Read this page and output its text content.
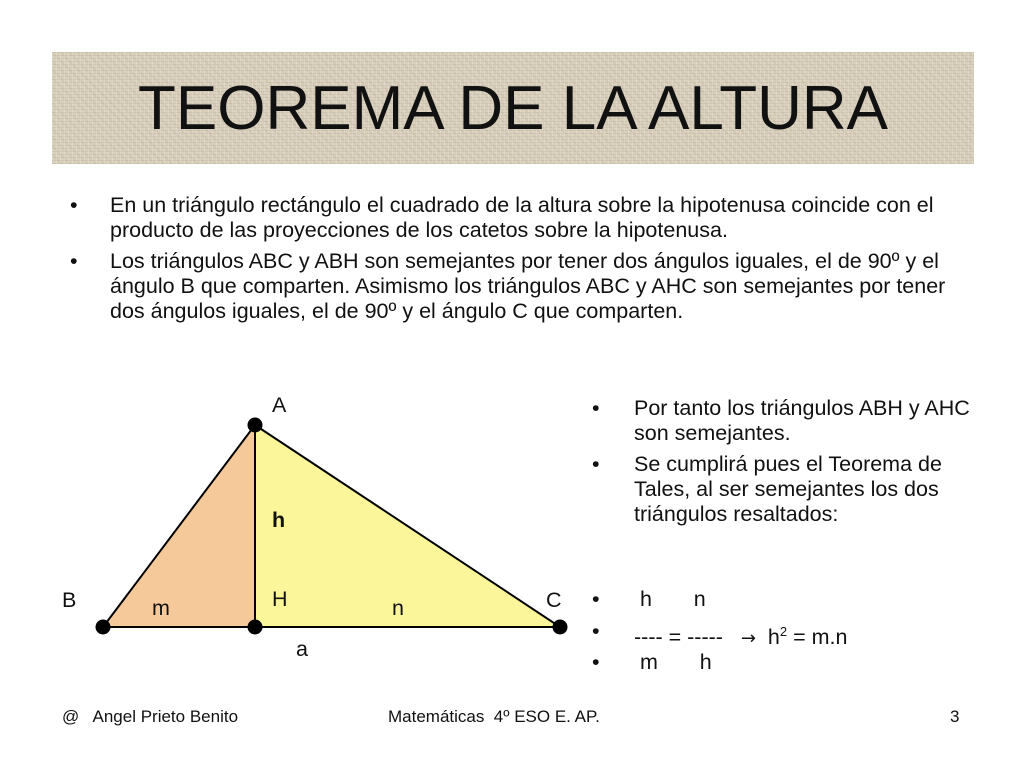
TEOREMA DE LA ALTURA
• En un triángulo rectángulo el cuadrado de la altura sobre la hipotenusa coincide con el producto de las proyecciones de los catetos sobre la hipotenusa.
• Los triángulos ABC y ABH son semejantes por tener dos ángulos iguales, el de 90º y el ángulo B que comparten. Asimismo los triángulos ABC y AHC son semejantes por tener dos ángulos iguales, el de 90º y el ángulo C que comparten.
A
B	C
H
h
m	n
a
• Por tanto los triángulos ABH y AHC son semejantes.
• Se cumplirá pues el Teorema de Tales, al ser semejantes los dos triángulos resaltados:

• h       n

• ---- = ----- → $h^2 = m.n$

• m       h

@   Angel Prieto Benito	Matemáticas  4º ESO E. AP.	3
